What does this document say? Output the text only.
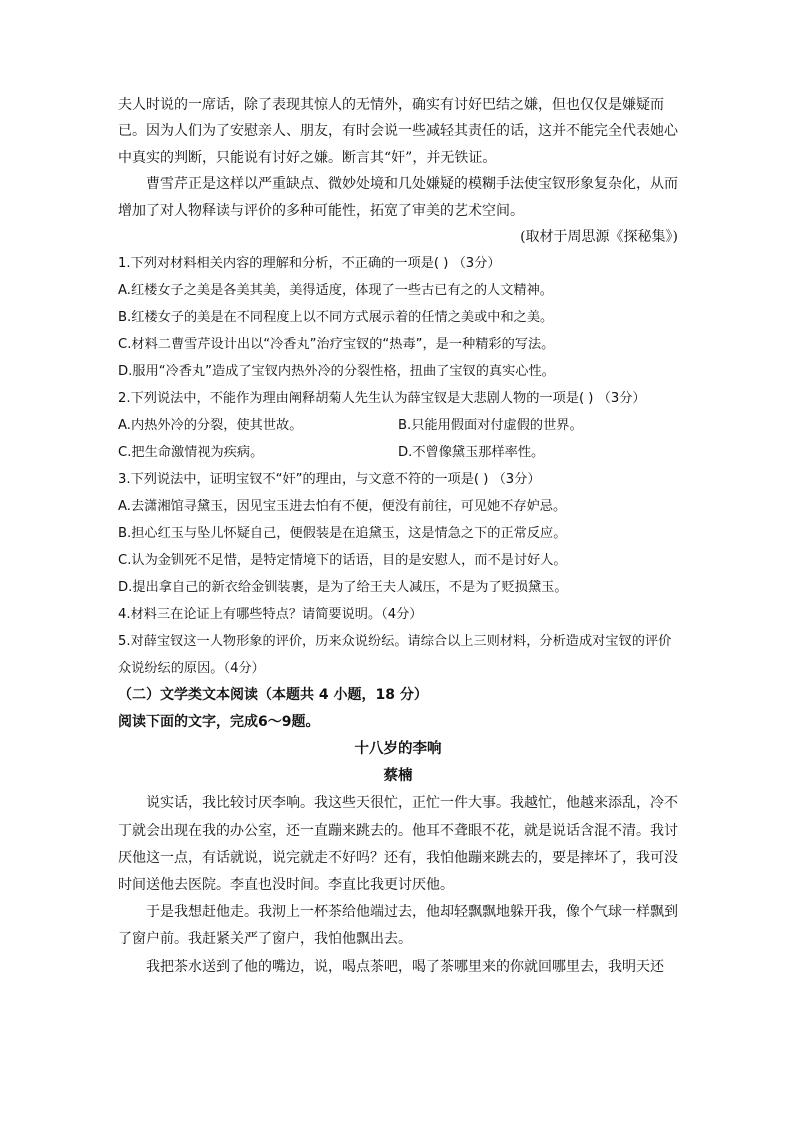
夫人时说的一席话，除了表现其惊人的无情外，确实有讨好巴结之嫌，但也仅仅是嫌疑而已。因为人们为了安慰亲人、朋友，有时会说一些减轻其责任的话，这并不能完全代表她心中真实的判断，只能说有讨好之嫌。断言其“奸”，并无铁证。

曹雪芹正是这样以严重缺点、微妙处境和几处嫌疑的模糊手法使宝钗形象复杂化，从而增加了对人物释读与评价的多种可能性，拓宽了审美的艺术空间。

(取材于周思源《探秘集》)

1.下列对材料相关内容的理解和分析，不正确的一项是( ) （3分）

A.红楼女子之美是各美其美，美得适度，体现了一些古已有之的人文精神。

B.红楼女子的美是在不同程度上以不同方式展示着的任情之美或中和之美。

C.材料二曹雪芹设计出以“冷香丸”治疗宝钗的“热毒”，是一种精彩的写法。

D.服用“冷香丸”造成了宝钗内热外冷的分裂性格，扭曲了宝钗的真实心性。

2.下列说法中，不能作为理由阐释胡菊人先生认为薛宝钗是大悲剧人物的一项是( ) （3分）

A.内热外冷的分裂，使其世故。	B.只能用假面对付虚假的世界。
C.把生命激情视为疾病。	D.不曾像黛玉那样率性。

3.下列说法中，证明宝钗不“奸”的理由，与文意不符的一项是( ) （3分）

A.去潇湘馆寻黛玉，因见宝玉进去怕有不便，便没有前往，可见她不存妒忌。

B.担心红玉与坠儿怀疑自己，便假装是在追黛玉，这是情急之下的正常反应。

C.认为金钏死不足惜，是特定情境下的话语，目的是安慰人，而不是讨好人。

D.提出拿自己的新衣给金钏装裹，是为了给王夫人减压，不是为了贬损黛玉。

4.材料三在论证上有哪些特点？请简要说明。（4分）

5.对薛宝钗这一人物形象的评价，历来众说纷纭。请综合以上三则材料，分析造成对宝钗的评价众说纷纭的原因。（4分）

（二）文学类文本阅读（本题共 4 小题，18 分）

阅读下面的文字，完成6～9题。

十八岁的李响

蔡楠

说实话，我比较讨厌李响。我这些天很忙，正忙一件大事。我越忙，他越来添乱，冷不丁就会出现在我的办公室，还一直蹦来跳去的。他耳不聋眼不花，就是说话含混不清。我讨厌他这一点，有话就说，说完就走不好吗？还有，我怕他蹦来跳去的，要是摔坏了，我可没时间送他去医院。李直也没时间。李直比我更讨厌他。

于是我想赶他走。我沏上一杯茶给他端过去，他却轻飘飘地躲开我，像个气球一样飘到了窗户前。我赶紧关严了窗户，我怕他飘出去。

我把茶水送到了他的嘴边，说，喝点茶吧，喝了茶哪里来的你就回哪里去，我明天还
